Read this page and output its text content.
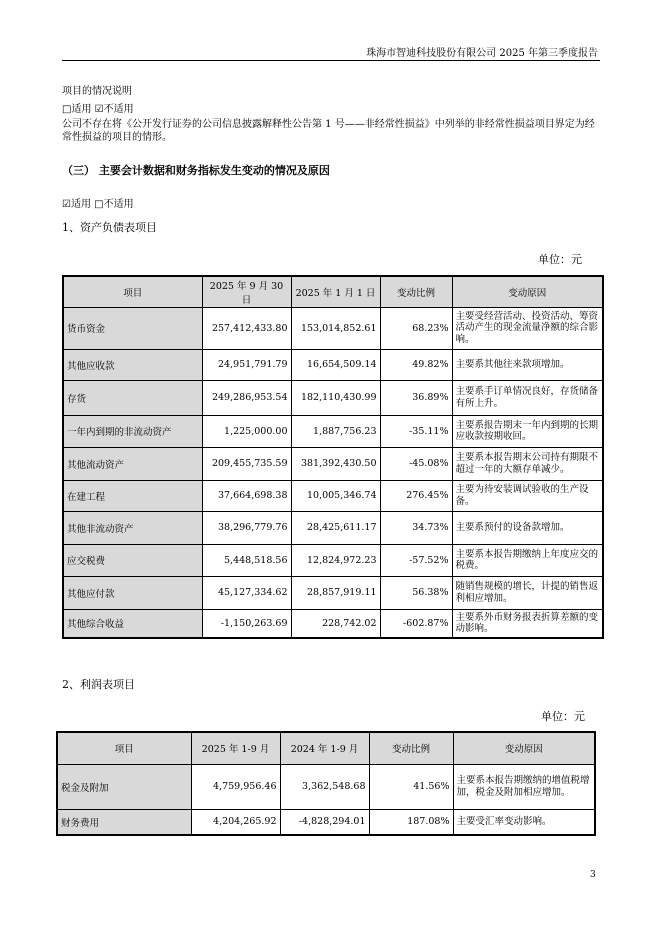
珠海市智迪科技股份有限公司 2025 年第三季度报告
项目的情况说明
□适用 ☑不适用
公司不存在将《公开发行证券的公司信息披露解释性公告第 1 号——非经常性损益》中列举的非经常性损益项目界定为经常性损益的项目的情形。
（三） 主要会计数据和财务指标发生变动的情况及原因
☑适用 □不适用
1、资产负债表项目
单位：元
项目	2025 年 9 月 30 日	2025 年 1 月 1 日	变动比例	变动原因
货币资金	257,412,433.80	153,014,852.61	68.23%	主要受经营活动、投资活动、筹资活动产生的现金流量净额的综合影响。
其他应收款	24,951,791.79	16,654,509.14	49.82%	主要系其他往来款项增加。
存货	249,286,953.54	182,110,430.99	36.89%	主要系手订单情况良好，存货储备有所上升。
一年内到期的非流动资产	1,225,000.00	1,887,756.23	-35.11%	主要系报告期末一年内到期的长期应收款按期收回。
其他流动资产	209,455,735.59	381,392,430.50	-45.08%	主要系本报告期末公司持有期限不超过一年的大额存单减少。
在建工程	37,664,698.38	10,005,346.74	276.45%	主要为待安装调试验收的生产设备。
其他非流动资产	38,296,779.76	28,425,611.17	34.73%	主要系预付的设备款增加。
应交税费	5,448,518.56	12,824,972.23	-57.52%	主要系本报告期缴纳上年度应交的税费。
其他应付款	45,127,334.62	28,857,919.11	56.38%	随销售规模的增长，计提的销售返利相应增加。
其他综合收益	-1,150,263.69	228,742.02	-602.87%	主要系外币财务报表折算差额的变动影响。
2、利润表项目
单位：元
项目	2025 年 1-9 月	2024 年 1-9 月	变动比例	变动原因
税金及附加	4,759,956.46	3,362,548.68	41.56%	主要系本报告期缴纳的增值税增加，税金及附加相应增加。
财务费用	4,204,265.92	-4,828,294.01	187.08%	主要受汇率变动影响。
3
